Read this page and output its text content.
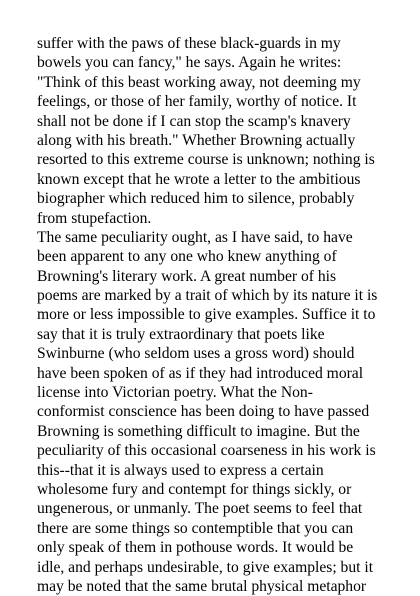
suffer with the paws of these black-guards in my
bowels you can fancy," he says. Again he writes:
"Think of this beast working away, not deeming my
feelings, or those of her family, worthy of notice. It
shall not be done if I can stop the scamp's knavery
along with his breath." Whether Browning actually
resorted to this extreme course is unknown; nothing is
known except that he wrote a letter to the ambitious
biographer which reduced him to silence, probably
from stupefaction.
The same peculiarity ought, as I have said, to have
been apparent to any one who knew anything of
Browning's literary work. A great number of his
poems are marked by a trait of which by its nature it is
more or less impossible to give examples. Suffice it to
say that it is truly extraordinary that poets like
Swinburne (who seldom uses a gross word) should
have been spoken of as if they had introduced moral
license into Victorian poetry. What the Non-
conformist conscience has been doing to have passed
Browning is something difficult to imagine. But the
peculiarity of this occasional coarseness in his work is
this--that it is always used to express a certain
wholesome fury and contempt for things sickly, or
ungenerous, or unmanly. The poet seems to feel that
there are some things so contemptible that you can
only speak of them in pothouse words. It would be
idle, and perhaps undesirable, to give examples; but it
may be noted that the same brutal physical metaphor
